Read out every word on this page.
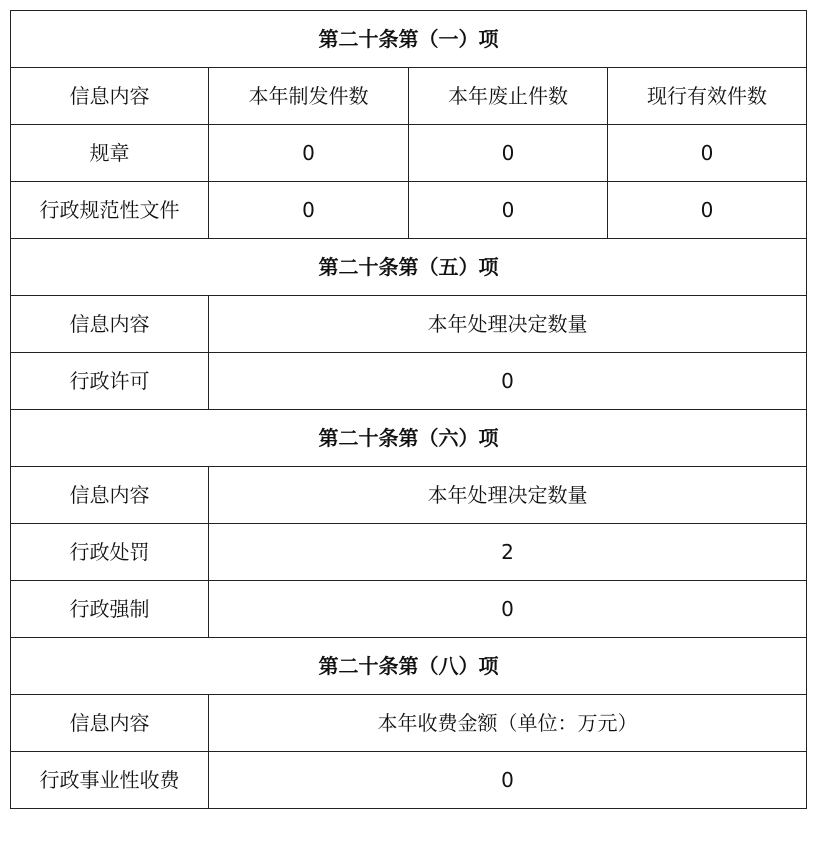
第二十条第（一）项			
信息内容	本年制发件数	本年废止件数	现行有效件数
规章	0	0	0
行政规范性文件	0	0	0
第二十条第（五）项			
信息内容	本年处理决定数量		
行政许可	0		
第二十条第（六）项			
信息内容	本年处理决定数量		
行政处罚	2		
行政强制	0		
第二十条第（八）项			
信息内容	本年收费金额（单位：万元）		
行政事业性收费	0		
